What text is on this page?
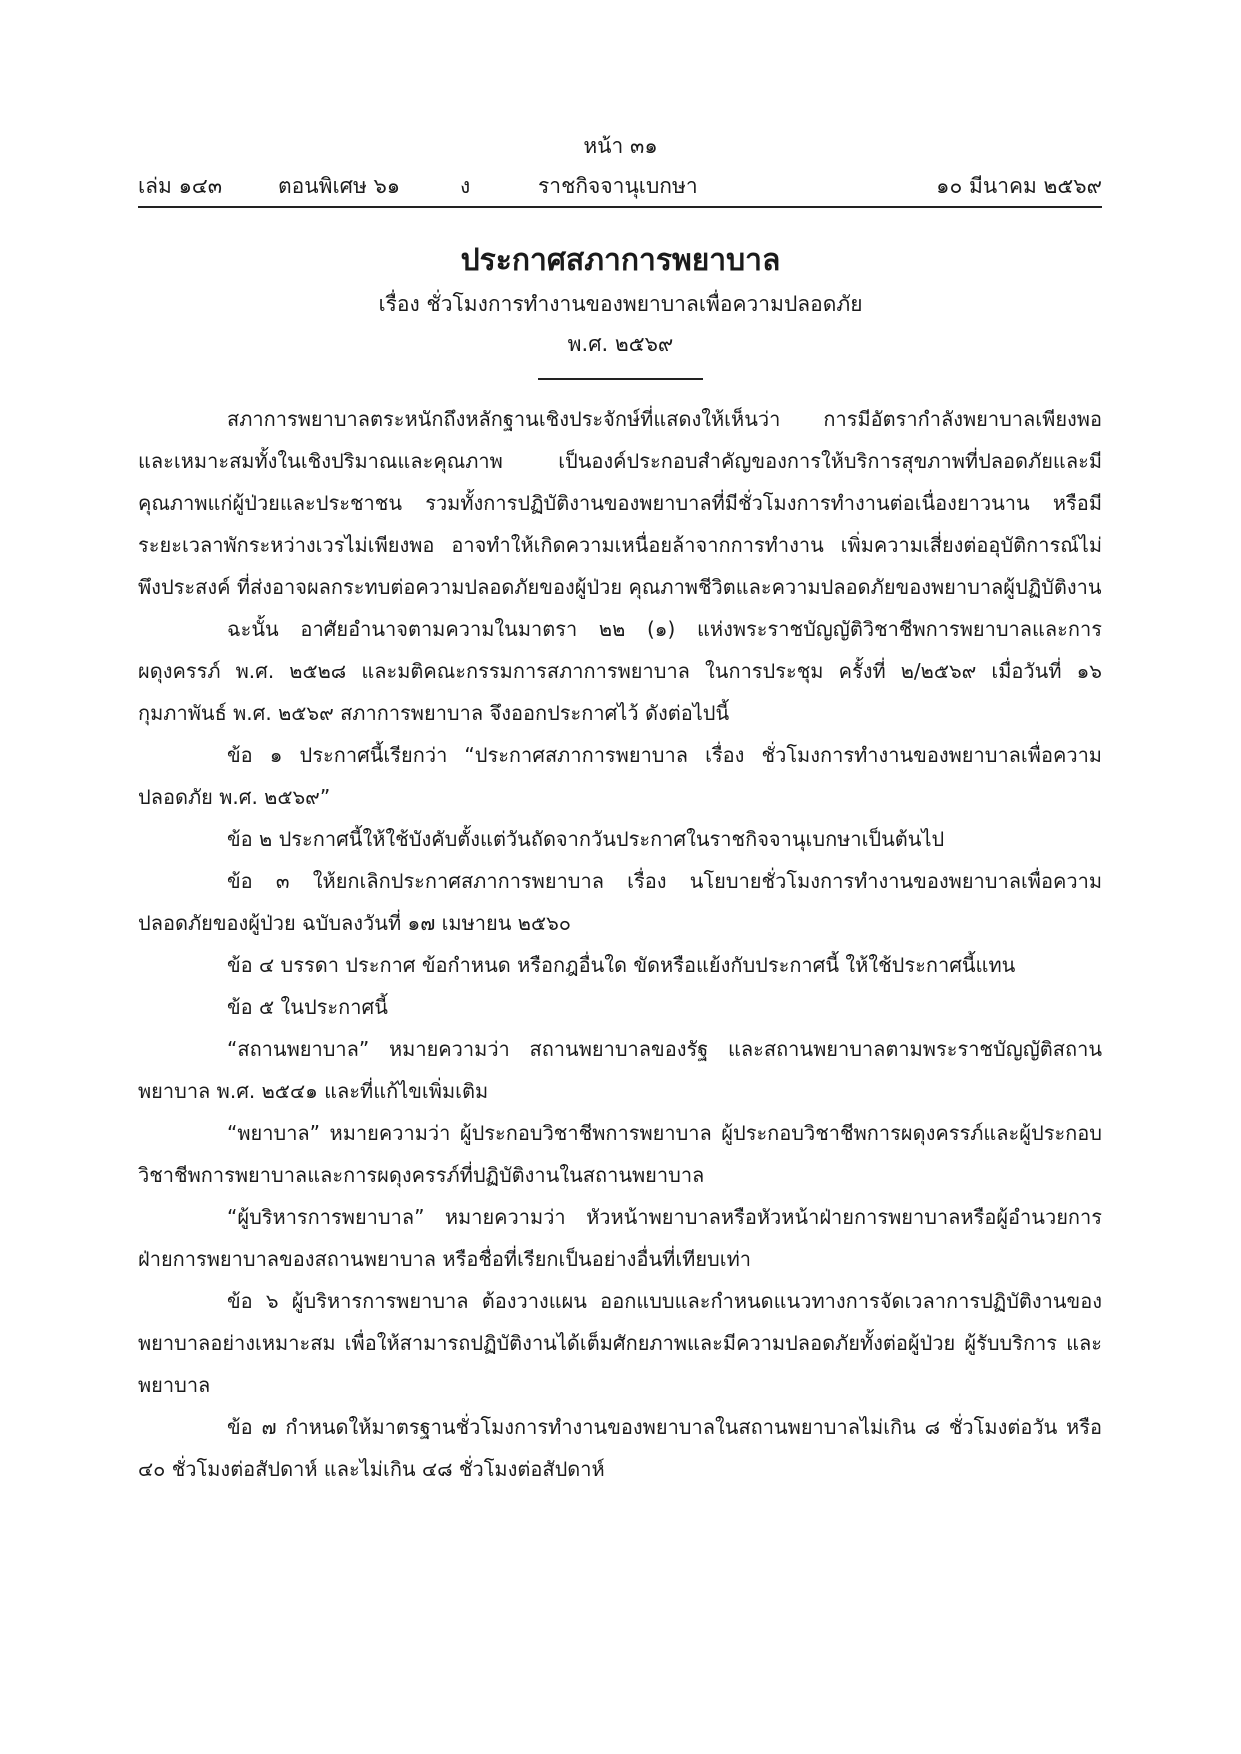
หน้า ๓๑
เล่ม ๑๔๓	ตอนพิเศษ ๖๑	ง	ราชกิจจานุเบกษา	๑๐ มีนาคม ๒๕๖๙
ประกาศสภาการพยาบาล
เรื่อง ชั่วโมงการทำงานของพยาบาลเพื่อความปลอดภัย
พ.ศ. ๒๕๖๙

สภาการพยาบาลตระหนักถึงหลักฐานเชิงประจักษ์ที่แสดงให้เห็นว่า การมีอัตรากำลังพยาบาลเพียงพอ และเหมาะสมทั้งในเชิงปริมาณและคุณภาพ เป็นองค์ประกอบสำคัญของการให้บริการสุขภาพที่ปลอดภัยและมีคุณภาพแก่ผู้ป่วยและประชาชน รวมทั้งการปฏิบัติงานของพยาบาลที่มีชั่วโมงการทำงานต่อเนื่องยาวนาน หรือมีระยะเวลาพักระหว่างเวรไม่เพียงพอ อาจทำให้เกิดความเหนื่อยล้าจากการทำงาน เพิ่มความเสี่ยงต่ออุบัติการณ์ไม่พึงประสงค์ ที่ส่งอาจผลกระทบต่อความปลอดภัยของผู้ป่วย คุณภาพชีวิตและความปลอดภัยของพยาบาลผู้ปฏิบัติงาน

ฉะนั้น อาศัยอำนาจตามความในมาตรา ๒๒ (๑) แห่งพระราชบัญญัติวิชาชีพการพยาบาลและการผดุงครรภ์ พ.ศ. ๒๕๒๘ และมติคณะกรรมการสภาการพยาบาล ในการประชุม ครั้งที่ ๒/๒๕๖๙ เมื่อวันที่ ๑๖ กุมภาพันธ์ พ.ศ. ๒๕๖๙ สภาการพยาบาล จึงออกประกาศไว้ ดังต่อไปนี้

ข้อ ๑ ประกาศนี้เรียกว่า “ประกาศสภาการพยาบาล เรื่อง ชั่วโมงการทำงานของพยาบาลเพื่อความปลอดภัย พ.ศ. ๒๕๖๙”

ข้อ ๒ ประกาศนี้ให้ใช้บังคับตั้งแต่วันถัดจากวันประกาศในราชกิจจานุเบกษาเป็นต้นไป

ข้อ ๓ ให้ยกเลิกประกาศสภาการพยาบาล เรื่อง นโยบายชั่วโมงการทำงานของพยาบาลเพื่อความปลอดภัยของผู้ป่วย ฉบับลงวันที่ ๑๗ เมษายน ๒๕๖๐

ข้อ ๔ บรรดา ประกาศ ข้อกำหนด หรือกฎอื่นใด ขัดหรือแย้งกับประกาศนี้ ให้ใช้ประกาศนี้แทน

ข้อ ๕ ในประกาศนี้

“สถานพยาบาล” หมายความว่า สถานพยาบาลของรัฐ และสถานพยาบาลตามพระราชบัญญัติสถานพยาบาล พ.ศ. ๒๕๔๑ และที่แก้ไขเพิ่มเติม

“พยาบาล” หมายความว่า ผู้ประกอบวิชาชีพการพยาบาล ผู้ประกอบวิชาชีพการผดุงครรภ์และผู้ประกอบวิชาชีพการพยาบาลและการผดุงครรภ์ที่ปฏิบัติงานในสถานพยาบาล

“ผู้บริหารการพยาบาล” หมายความว่า หัวหน้าพยาบาลหรือหัวหน้าฝ่ายการพยาบาลหรือผู้อำนวยการฝ่ายการพยาบาลของสถานพยาบาล หรือชื่อที่เรียกเป็นอย่างอื่นที่เทียบเท่า

ข้อ ๖ ผู้บริหารการพยาบาล ต้องวางแผน ออกแบบและกำหนดแนวทางการจัดเวลาการปฏิบัติงานของพยาบาลอย่างเหมาะสม เพื่อให้สามารถปฏิบัติงานได้เต็มศักยภาพและมีความปลอดภัยทั้งต่อผู้ป่วย ผู้รับบริการ และพยาบาล

ข้อ ๗ กำหนดให้มาตรฐานชั่วโมงการทำงานของพยาบาลในสถานพยาบาลไม่เกิน ๘ ชั่วโมงต่อวัน หรือ ๔๐ ชั่วโมงต่อสัปดาห์ และไม่เกิน ๔๘ ชั่วโมงต่อสัปดาห์
